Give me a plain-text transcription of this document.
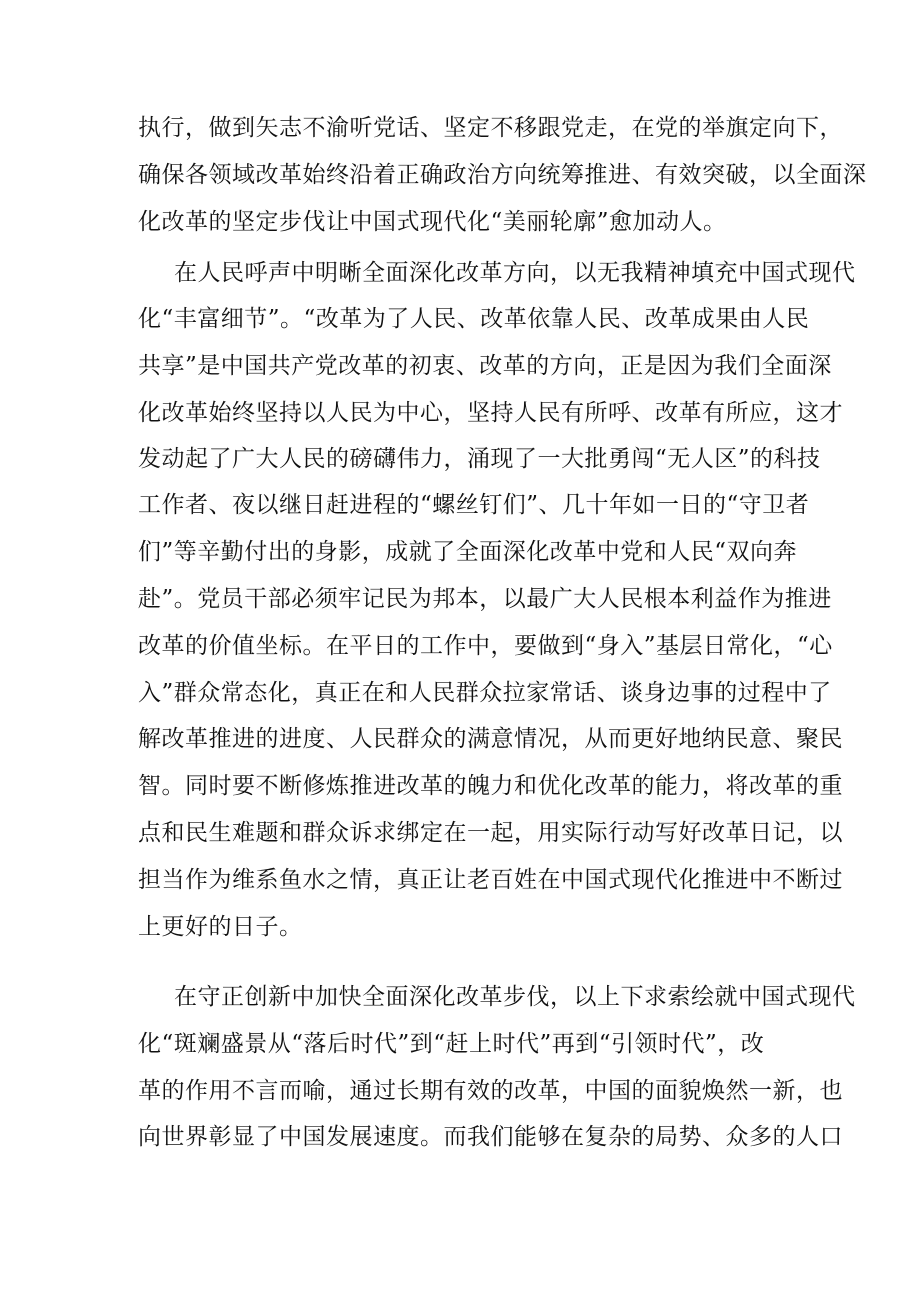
执行，做到矢志不渝听党话、坚定不移跟党走，在党的举旗定向下，
确保各领域改革始终沿着正确政治方向统筹推进、有效突破，以全面深
化改革的坚定步伐让中国式现代化“美丽轮廓”愈加动人。
在人民呼声中明晰全面深化改革方向，以无我精神填充中国式现代
化“丰富细节”。“改革为了人民、改革依靠人民、改革成果由人民
共享”是中国共产党改革的初衷、改革的方向，正是因为我们全面深
化改革始终坚持以人民为中心，坚持人民有所呼、改革有所应，这才
发动起了广大人民的磅礴伟力，涌现了一大批勇闯“无人区”的科技
工作者、夜以继日赶进程的“螺丝钉们”、几十年如一日的“守卫者
们”等辛勤付出的身影，成就了全面深化改革中党和人民“双向奔
赴”。党员干部必须牢记民为邦本，以最广大人民根本利益作为推进
改革的价值坐标。在平日的工作中，要做到“身入”基层日常化，“心
入”群众常态化，真正在和人民群众拉家常话、谈身边事的过程中了
解改革推进的进度、人民群众的满意情况，从而更好地纳民意、聚民
智。同时要不断修炼推进改革的魄力和优化改革的能力，将改革的重
点和民生难题和群众诉求绑定在一起，用实际行动写好改革日记，以
担当作为维系鱼水之情，真正让老百姓在中国式现代化推进中不断过
上更好的日子。
在守正创新中加快全面深化改革步伐，以上下求索绘就中国式现代
化“斑斓盛景从“落后时代”到“赶上时代”再到“引领时代”，改
革的作用不言而喻，通过长期有效的改革，中国的面貌焕然一新，也
向世界彰显了中国发展速度。而我们能够在复杂的局势、众多的人口
